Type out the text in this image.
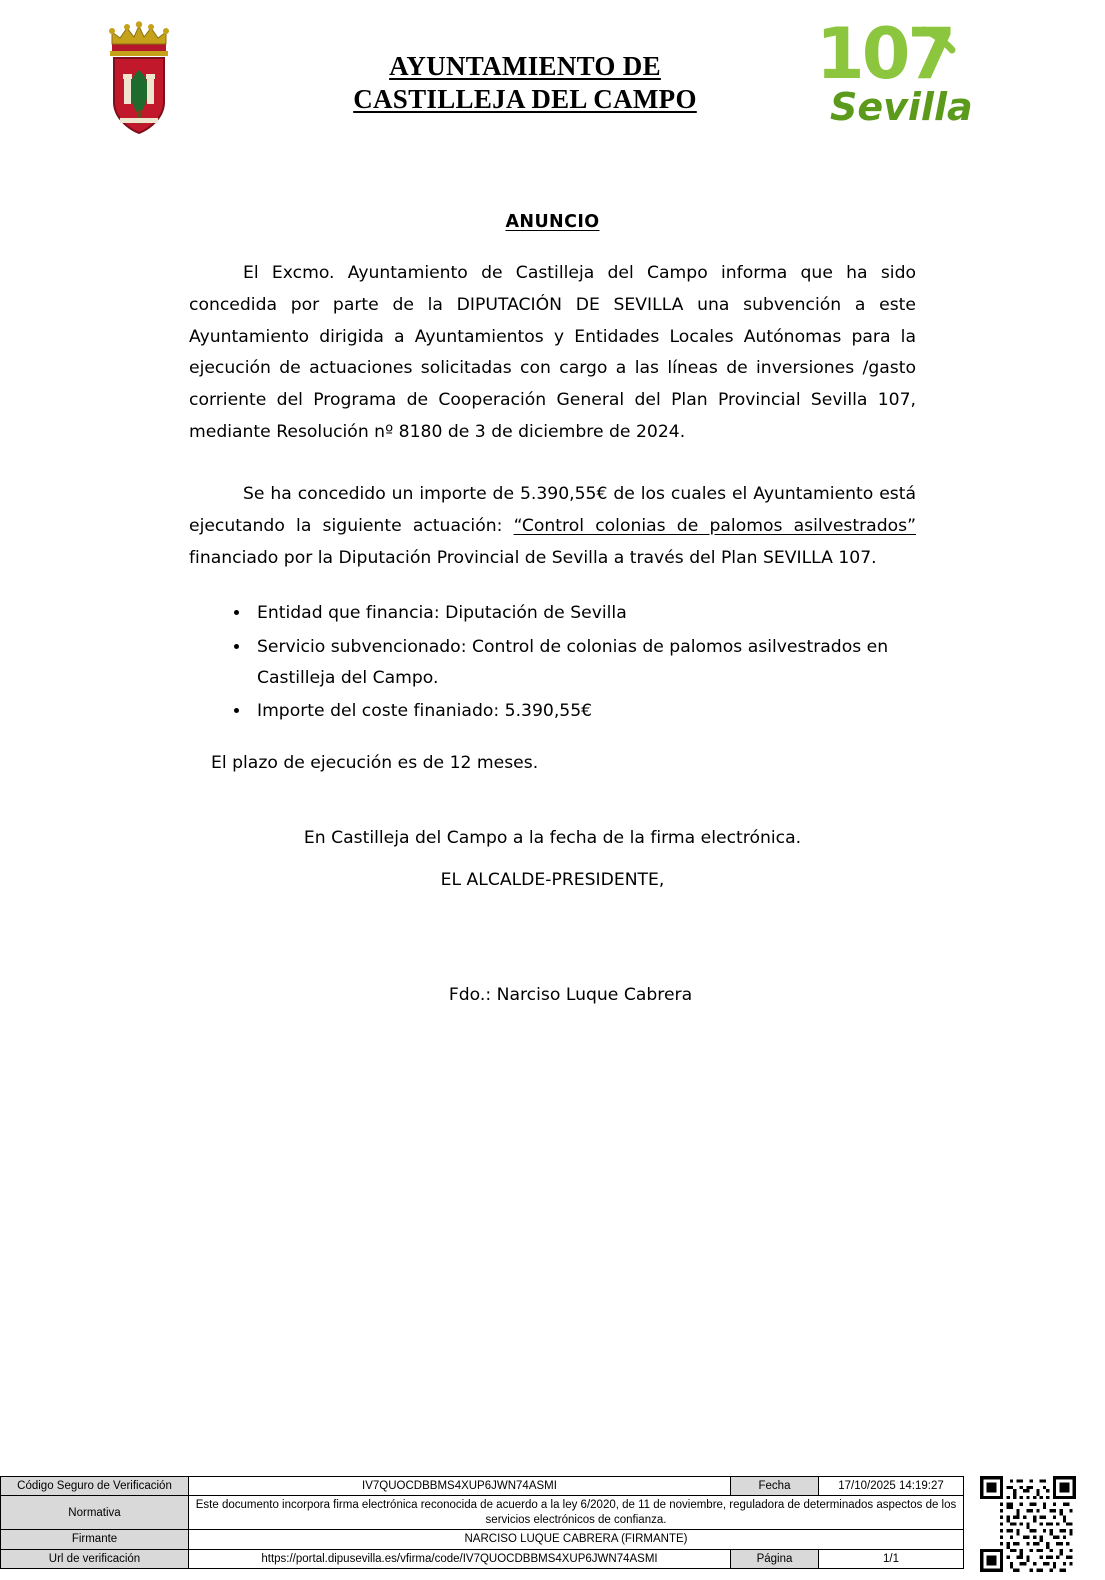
AYUNTAMIENTO DE
CASTILLEJA DEL CAMPO
107
Sevilla
ANUNCIO

El Excmo. Ayuntamiento de Castilleja del Campo informa que ha sido concedida por parte de la DIPUTACIÓN DE SEVILLA una subvención a este Ayuntamiento dirigida a Ayuntamientos y Entidades Locales Autónomas para la ejecución de actuaciones solicitadas con cargo a las líneas de inversiones /gasto corriente del Programa de Cooperación General del Plan Provincial Sevilla 107, mediante Resolución nº 8180 de 3 de diciembre de 2024.

Se ha concedido un importe de 5.390,55€ de los cuales el Ayuntamiento está ejecutando la siguiente actuación: “Control colonias de palomos asilvestrados” financiado por la Diputación Provincial de Sevilla a través del Plan SEVILLA 107.

• Entidad que financia: Diputación de Sevilla
• Servicio subvencionado: Control de colonias de palomos asilvestrados en Castilleja del Campo.
• Importe del coste finaniado: 5.390,55€

El plazo de ejecución es de 12 meses.

En Castilleja del Campo a la fecha de la firma electrónica.
EL ALCALDE-PRESIDENTE,
Fdo.: Narciso Luque Cabrera
Código Seguro de Verificación	IV7QUOCDBBMS4XUP6JWN74ASMI	Fecha	17/10/2025 14:19:27
Normativa	Este documento incorpora firma electrónica reconocida de acuerdo a la ley 6/2020, de 11 de noviembre, reguladora de determinados aspectos de los servicios electrónicos de confianza.		
Firmante	NARCISO LUQUE CABRERA (FIRMANTE)		
Url de verificación	https://portal.dipusevilla.es/vfirma/code/IV7QUOCDBBMS4XUP6JWN74ASMI	Página	1/1
